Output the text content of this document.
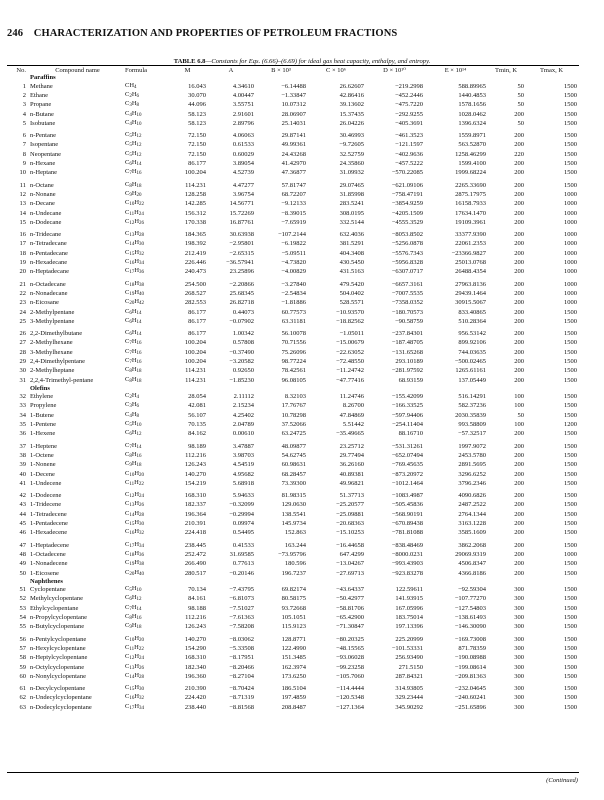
246 CHARACTERIZATION AND PROPERTIES OF PETROLEUM FRACTIONS
TABLE 6.8—Constants for Eqs. (6.66)–(6.69) for ideal gas heat capacity, enthalpy, and entropy.
No.	Compound name	Formula	M	A	B × 10³	C × 10⁶	D × 10¹⁰	E × 10¹⁴	Tmin, K	Tmax, K
	Paraffins									
1	Methane	$CH_4$	16.043	4.34610	−6.14488	26.62607	−219.2998	588.89965	50	1500
2	Ethane	$C_2H_6$	30.070	4.00447	−1.33847	42.86416	−452.2446	1440.4853	50	1500
3	Propane	$C_3H_8$	44.096	3.55751	10.07312	39.13602	−475.7220	1578.1656	50	1500
4	n-Butane	$C_4H_{10}$	58.123	2.91601	28.06907	15.37435	−292.9255	1028.0462	200	1500
5	Isobutane	$C_4H_{10}$	58.123	2.89796	25.14031	26.04226	−405.3691	1396.6324	50	1500

6	n-Pentane	$C_5H_{12}$	72.150	4.06063	29.87141	30.46993	−461.3523	1559.8971	200	1500
7	Isopentane	$C_5H_{12}$	72.150	0.61533	49.99361	−9.72605	−121.1597	563.52870	200	1500
8	Neopentane	$C_5H_{12}$	72.150	0.60029	24.43268	32.52759	−402.9636	1258.46299	220	1500
9	n-Hexane	$C_6H_{14}$	86.177	3.89054	41.42970	24.35860	−457.5222	1599.4100	200	1500
10	n-Heptane	$C_7H_{16}$	100.204	4.52739	47.36877	31.09932	−570.22085	1999.68224	200	1500

11	n-Octane	$C_8H_{18}$	114.231	4.47277	57.81747	29.07465	−621.09106	2265.33690	200	1500
12	n-Nonane	$C_9H_{20}$	128.258	3.96754	68.72207	31.85998	−758.47191	2875.17975	200	1000
13	n-Decane	$C_{10}H_{22}$	142.285	14.56771	−9.12133	283.5241	−3854.9259	16158.7933	200	1000
14	n-Undecane	$C_{11}H_{24}$	156.312	15.72269	−8.39015	308.0195	−4205.1509	17634.1470	200	1000
15	n-Dodecane	$C_{12}H_{26}$	170.338	16.87761	−7.65919	332.5144	−4555.3529	19109.3961	200	1000

16	n-Tridecane	$C_{13}H_{28}$	184.365	30.63938	−107.2144	632.4036	−8053.8502	33377.9390	200	1000
17	n-Tetradecane	$C_{14}H_{30}$	198.392	−2.95801	−6.19822	381.5291	−5256.0878	22061.2353	200	1000
18	n-Pentadecane	$C_{15}H_{32}$	212.419	−2.65315	−5.09511	404.3408	−5576.7343	−23366.9827	200	1000
19	n-Hexadecane	$C_{16}H_{34}$	226.446	−36.57941	−4.73820	430.5450	−5956.8328	25013.0768	200	1000
20	n-Heptadecane	$C_{17}H_{36}$	240.473	23.25896	−4.00829	431.5163	−6307.0717	26488.4354	200	1000

21	n-Octadecane	$C_{18}H_{38}$	254.500	−2.20866	−3.27840	479.5420	−6657.3161	27963.8136	200	1000
22	n-Nonadecane	$C_{19}H_{40}$	268.527	25.68345	−2.54834	504.0402	−7007.5535	29439.1464	200	1000
23	n-Eicosane	$C_{20}H_{42}$	282.553	26.82718	−1.81886	528.5571	−7358.0352	30915.5067	200	1000
24	2-Methylpentane	$C_6H_{14}$	86.177	0.44073	60.77573	−10.93570	−180.70573	833.40865	200	1500
25	3-Methylpentane	$C_6H_{14}$	86.177	−0.07902	63.31181	−18.82562	−90.58759	510.28364	200	1500

26	2,2-Dimethylbutane	$C_6H_{14}$	86.177	1.00342	56.10078	−1.05011	−237.84301	956.53142	200	1500
27	2-Methylhexane	$C_7H_{16}$	100.204	0.57808	70.71556	−15.00679	−187.48705	899.92106	200	1500
28	3-Methylhexane	$C_7H_{16}$	100.204	−0.37490	75.26096	−22.63052	−131.65268	744.03635	200	1500
29	2,4-Dimethylpentane	$C_7H_{16}$	100.204	−3.20582	98.77224	−72.48550	293.10189	−500.02465	200	1500
30	2-Methylheptane	$C_8H_{18}$	114.231	0.92650	78.42561	−11.24742	−281.97592	1265.61161	200	1500
31	2,2,4-Trimethyl-pentane	$C_8H_{18}$	114.231	−1.85230	96.08105	−47.77416	68.93159	137.05449	200	1500
	Olefins									
32	Ethylene	$C_2H_4$	28.054	2.11112	8.32103	11.24746	−155.42099	516.14291	100	1500
33	Propylene	$C_3H_6$	42.081	2.15234	17.76767	8.26700	−166.33525	582.37236	100	1500
34	1-Butene	$C_4H_8$	56.107	4.25402	10.78298	47.84869	−597.94406	2030.35839	50	1500
35	1-Pentene	$C_5H_{10}$	70.135	2.04789	37.52066	5.51442	−254.11404	993.58809	100	1200
36	1-Hexene	$C_6H_{12}$	84.162	0.00610	63.24725	−35.49665	88.16710	−57.32517	200	1500

37	1-Heptene	$C_7H_{14}$	98.189	3.47887	48.09877	23.25712	−531.31261	1997.9072	200	1500
38	1-Octene	$C_8H_{16}$	112.216	3.98703	54.62745	29.77494	−652.07494	2453.5780	200	1500
39	1-Nonene	$C_9H_{18}$	126.243	4.54519	60.98631	36.26160	−769.45635	2891.5695	200	1500
40	1-Decene	$C_{10}H_{20}$	140.270	4.95682	68.28457	40.89381	−873.20972	3296.6252	200	1500
41	1-Undecene	$C_{11}H_{22}$	154.219	5.68918	73.39300	49.96821	−1012.1464	3796.2346	200	1500

42	1-Dodecene	$C_{12}H_{24}$	168.310	5.94633	81.98315	51.37713	−1083.4987	4090.6826	200	1500
43	1-Tridecene	$C_{13}H_{26}$	182.337	−0.32099	129.0630	−25.20577	−505.45836	2487.2522	200	1500
44	1-Tetradecene	$C_{14}H_{28}$	196.364	−0.29994	138.5541	−25.09881	−568.90191	2764.1344	200	1500
45	1-Pentadecene	$C_{15}H_{30}$	210.391	0.09974	145.9734	−20.68363	−670.89438	3163.1228	200	1500
46	1-Hexadecene	$C_{16}H_{32}$	224.418	0.54495	152.863	−15.10253	−781.81088	3585.1609	200	1500

47	1-Heptadecene	$C_{17}H_{34}$	238.445	0.41533	163.244	−16.44658	−838.48469	3862.2068	200	1500
48	1-Octadecene	$C_{18}H_{36}$	252.472	31.69585	−73.95796	647.4299	−8000.0231	29069.9319	200	1000
49	1-Nonadecene	$C_{19}H_{38}$	266.490	0.77613	180.596	−13.04267	−993.43903	4506.8347	200	1500
50	1-Eicosene	$C_{20}H_{40}$	280.517	−0.20146	196.7237	−27.69713	−923.83278	4366.8186	200	1500
	Naphthenes									
51	Cyclopentane	$C_5H_{10}$	70.134	−7.43795	69.82174	−43.64337	122.59611	−92.59304	300	1500
52	Methylcyclopentane	$C_6H_{12}$	84.161	−6.81073	80.58175	−50.42977	141.93915	−107.77270	300	1500
53	Ethylcyclopentane	$C_7H_{14}$	98.188	−7.51027	93.72668	−58.81706	167.05996	−127.54803	300	1500
54	n-Propylcyclopentane	$C_8H_{16}$	112.216	−7.61363	105.1051	−65.42900	183.75014	−138.61493	300	1500
55	n-Butylcyclopentane	$C_9H_{18}$	126.243	−7.58208	115.9123	−71.30847	197.13396	−146.30090	300	1500

56	n-Pentylcyclopentane	$C_{10}H_{20}$	140.270	−8.03062	128.8771	−80.20325	225.20999	−169.73008	300	1500
57	n-Hexylcyclopentane	$C_{11}H_{22}$	154.290	−5.33508	122.4990	−48.15565	−101.53331	871.78359	300	1500
58	n-Heptylcyclopentane	$C_{12}H_{24}$	168.310	−8.17951	151.3485	−93.06028	256.93490	−190.08988	300	1500
59	n-Octylcyclopentane	$C_{13}H_{26}$	182.340	−8.20466	162.3974	−99.23258	271.5150	−199.08614	300	1500
60	n-Nonylcyclopentane	$C_{14}H_{28}$	196.360	−8.27104	173.6250	−105.7060	287.84321	−209.81363	300	1500

61	n-Decylcyclopentane	$C_{15}H_{30}$	210.390	−8.70424	186.5104	−114.4444	314.93805	−232.04645	300	1500
62	n-Undecylcyclopentane	$C_{16}H_{32}$	224.420	−8.71319	197.4859	−120.5348	329.23444	−240.60241	300	1500
63	n-Dodecylcyclopentane	$C_{17}H_{34}$	238.440	−8.81568	208.8487	−127.1364	345.90292	−251.65896	300	1500
(Continued)
